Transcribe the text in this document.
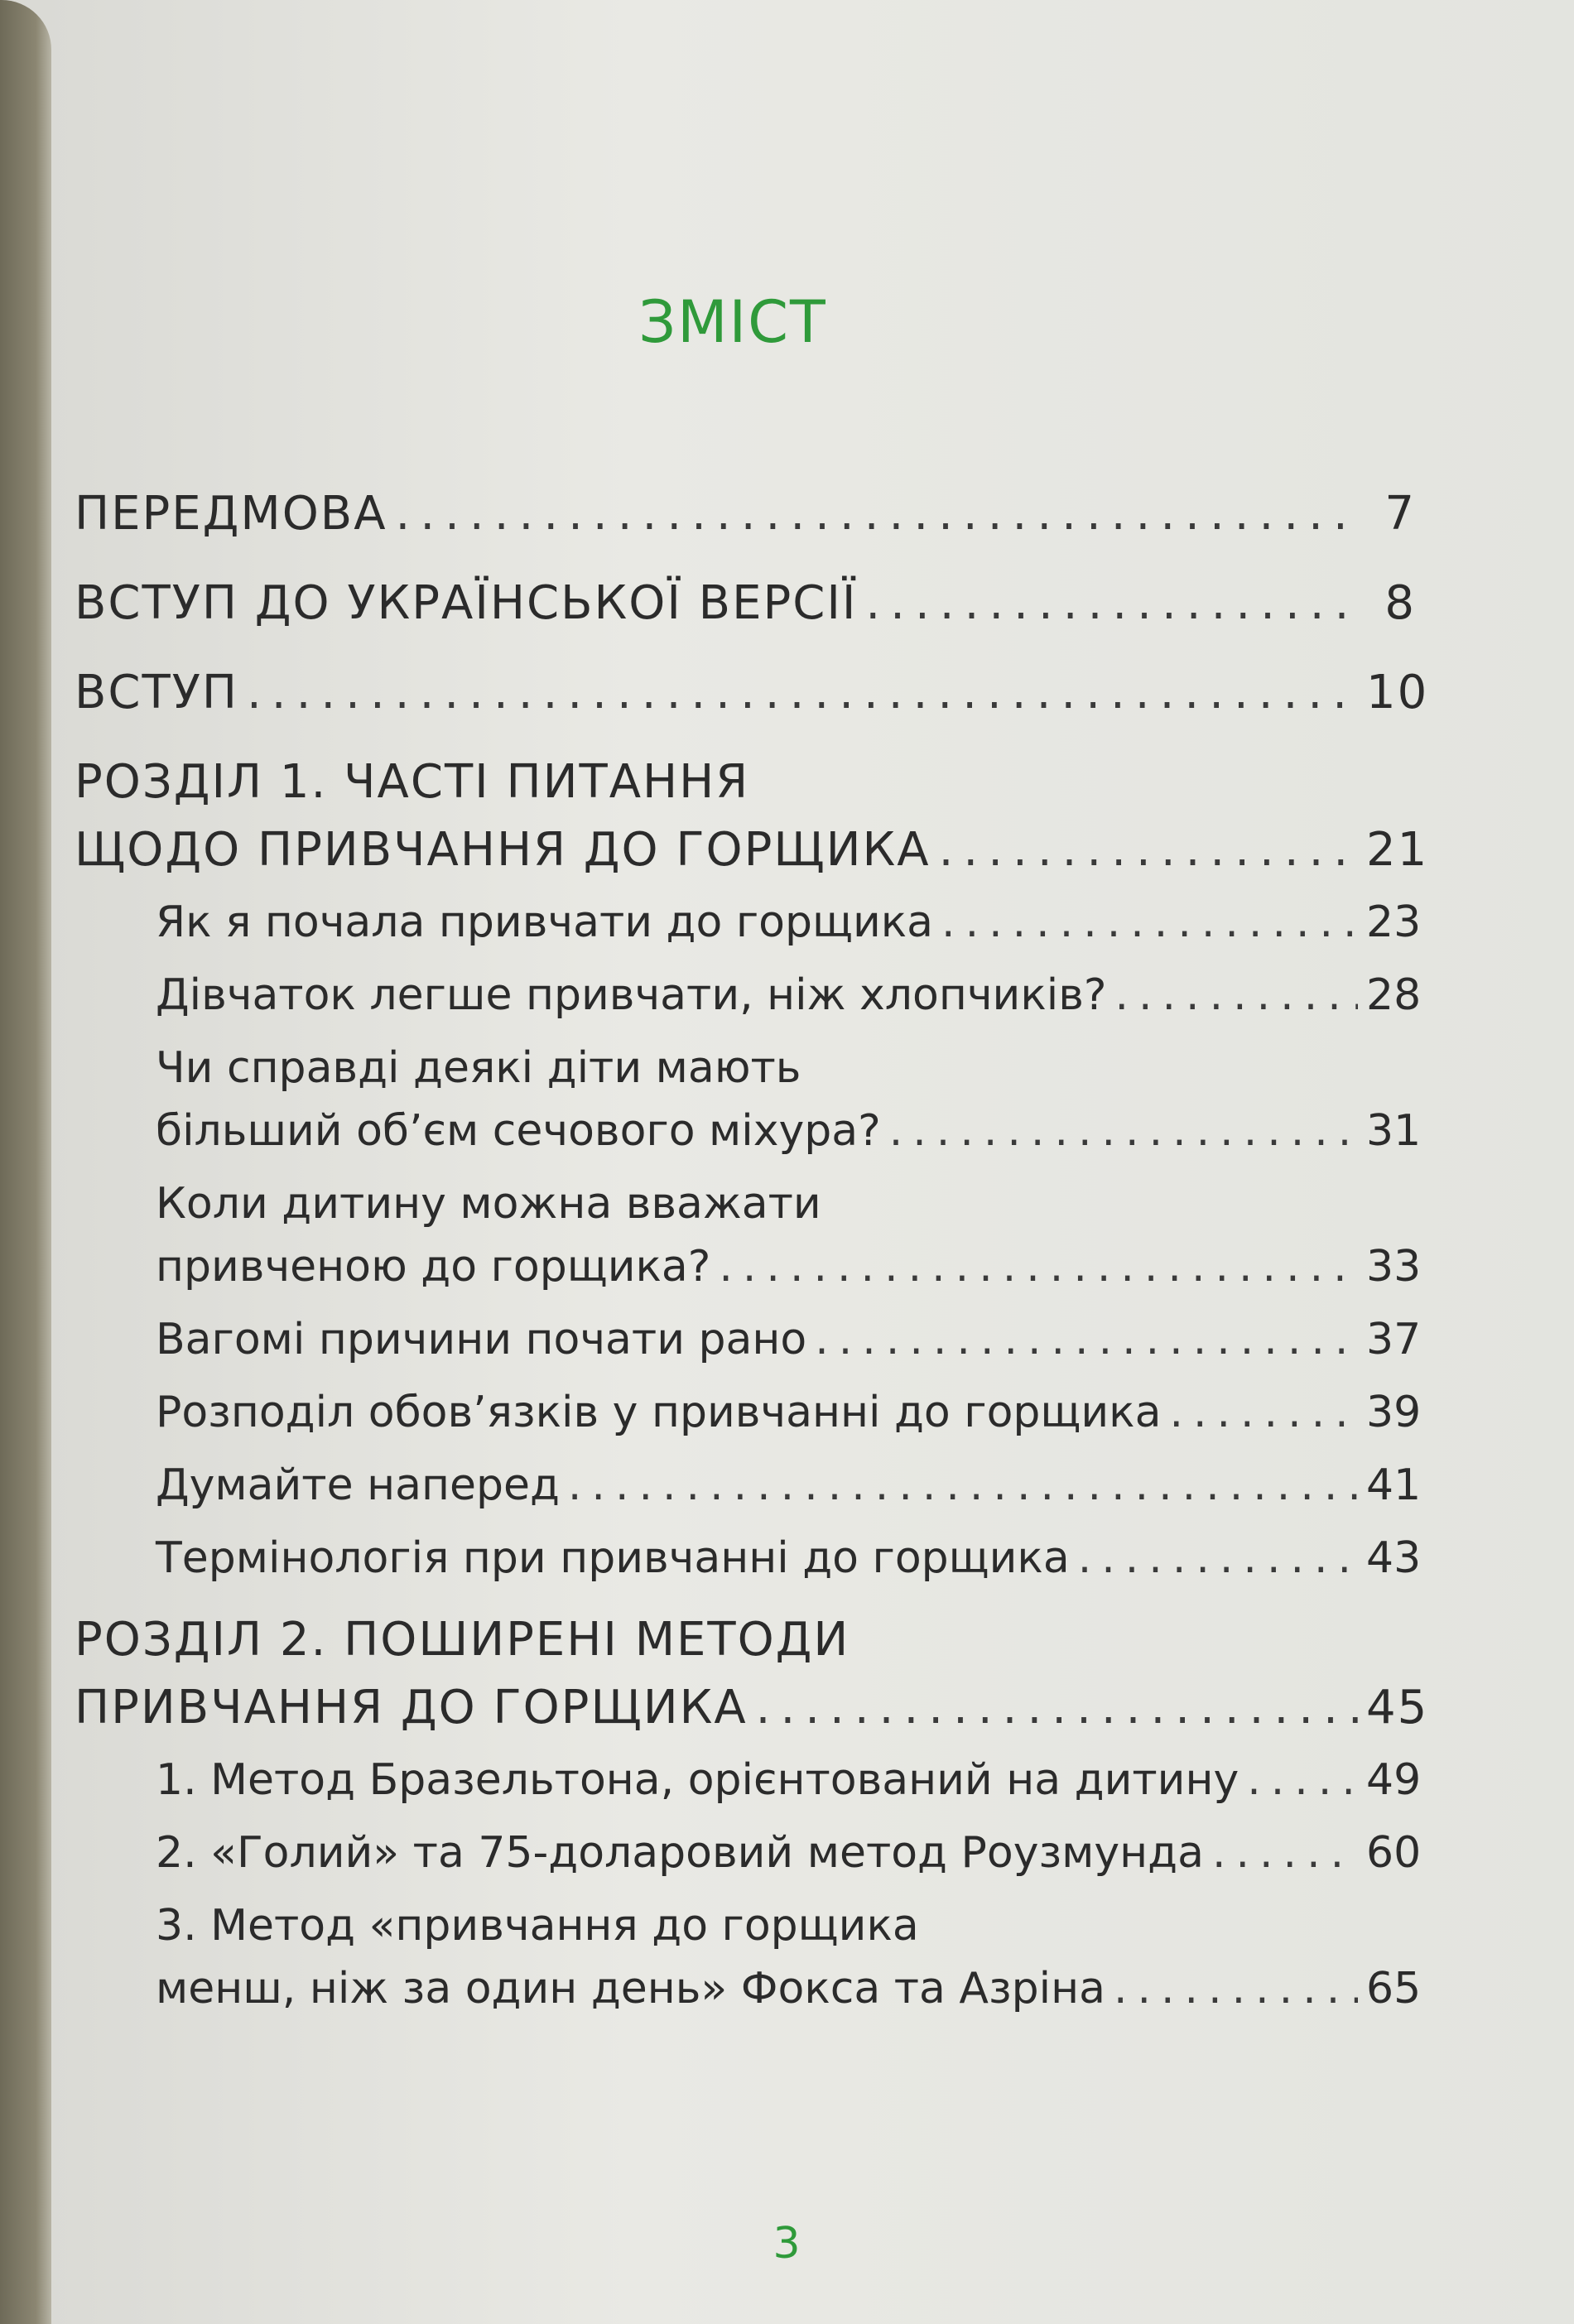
ЗМІСТ
ПЕРЕДМОВА .....	7
ВСТУП ДО УКРАЇНСЬКОЇ ВЕРСІЇ .....	8
ВСТУП .....	10
РОЗДІЛ 1. ЧАСТІ ПИТАННЯ
ЩОДО ПРИВЧАННЯ ДО ГОРЩИКА .....	21
Як я почала привчати до горщика .....	23
Дівчаток легше привчати, ніж хлопчиків? .....	28
Чи справді деякі діти мають
більший об’єм сечового міхура? .....	31
Коли дитину можна вважати
привченою до горщика? .....	33
Вагомі причини почати рано .....	37
Розподіл обов’язків у привчанні до горщика .....	39
Думайте наперед .....	41
Термінологія при привчанні до горщика .....	43
РОЗДІЛ 2. ПОШИРЕНІ МЕТОДИ
ПРИВЧАННЯ ДО ГОРЩИКА .....	45
1. Метод Бразельтона, орієнтований на дитину .....	49
2. «Голий» та 75-доларовий метод Роузмунда .....	60
3. Метод «привчання до горщика
менш, ніж за один день» Фокса та Азріна .....	65
3
